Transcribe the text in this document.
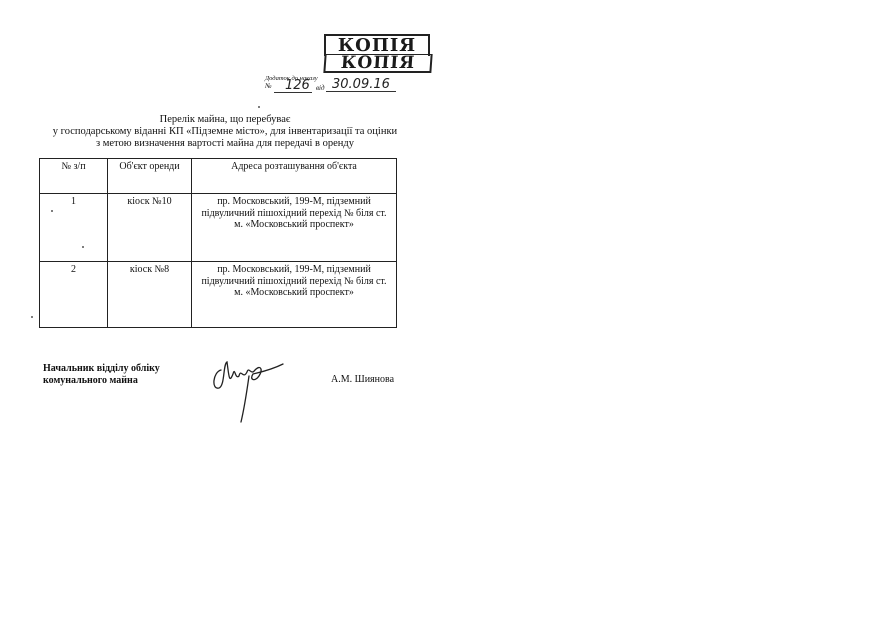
КОПІЯ
КОПІЯ
Додаток до наказу
№ 126 від 30.09.16
Перелік майна, що перебуває
у господарському віданні КП «Підземне місто», для інвентаризації та оцінки
з метою визначення вартості майна для передачі в оренду
№ з/п	Об'єкт оренди	Адреса розташування об'єкта
1	кіоск №10	пр. Московський, 199-М, підземний підвуличний пішохідний перехід № біля ст. м. «Московський проспект»
2	кіоск №8	пр. Московський, 199-М, підземний підвуличний пішохідний перехід № біля ст. м. «Московський проспект»
Начальник відділу обліку
комунального майна	А.М. Шиянова
